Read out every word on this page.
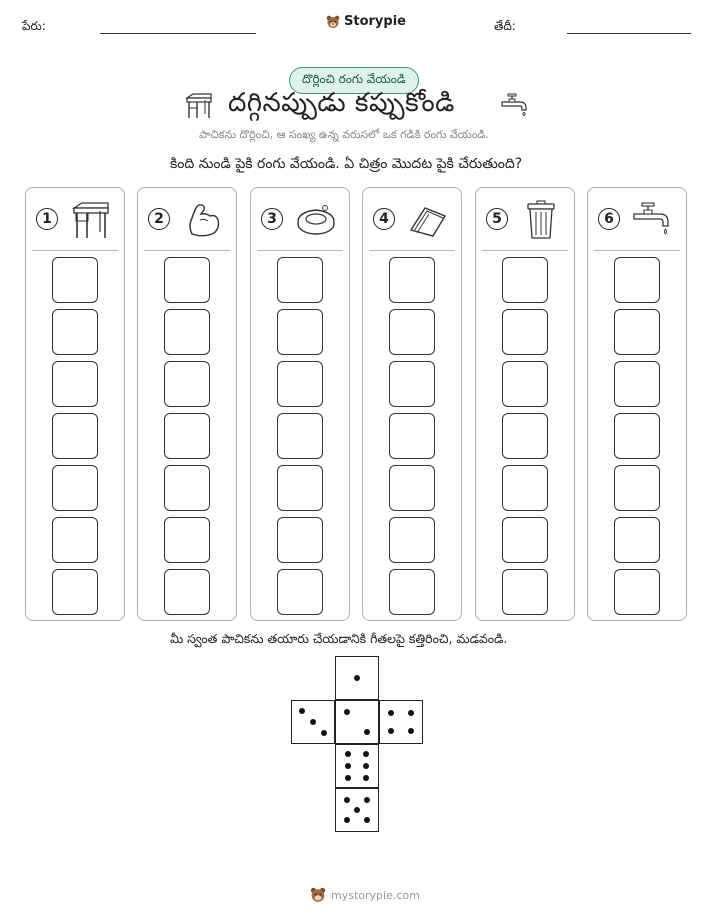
పేరు:	Storypie	తేదీ:
దొర్లించి రంగు వేయండి
దగ్గినప్పుడు కప్పుకోండి
పాచికను దొర్లించి, ఆ సంఖ్య ఉన్న వరుసలో ఒక గడికి రంగు వేయండి.
కింది నుండి పైకి రంగు వేయండి. ఏ చిత్రం మొదట పైకి చేరుతుంది?
1	2	3	4	5	6
మీ స్వంత పాచికను తయారు చేయడానికి గీతలపై కత్తిరించి, మడవండి.
mystorypie.com
